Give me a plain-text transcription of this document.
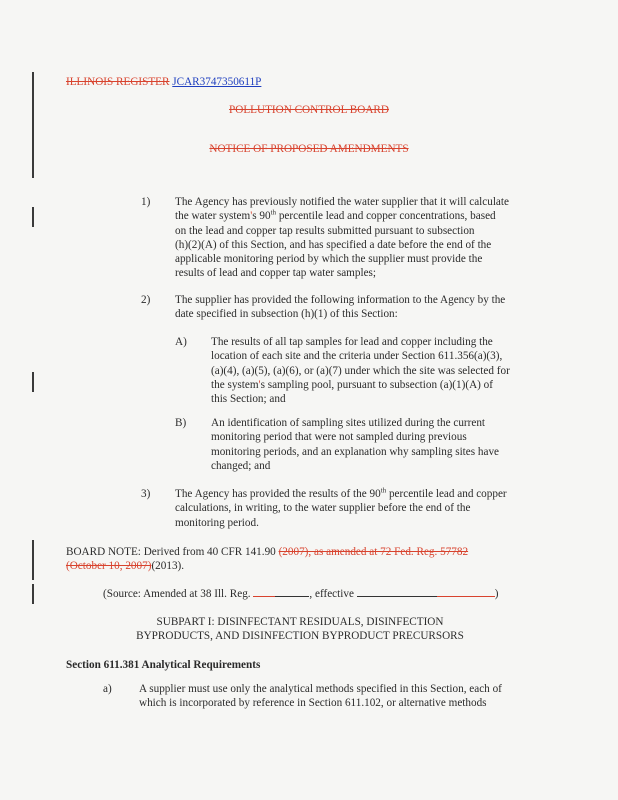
ILLINOIS REGISTER JCAR3747350611P
POLLUTION CONTROL BOARD
NOTICE OF PROPOSED AMENDMENTS
1) The Agency has previously notified the water supplier that it will calculate
the water system's 90th percentile lead and copper concentrations, based
on the lead and copper tap results submitted pursuant to subsection
(h)(2)(A) of this Section, and has specified a date before the end of the
applicable monitoring period by which the supplier must provide the
results of lead and copper tap water samples;
2) The supplier has provided the following information to the Agency by the
date specified in subsection (h)(1) of this Section:
A) The results of all tap samples for lead and copper including the
location of each site and the criteria under Section 611.356(a)(3),
(a)(4), (a)(5), (a)(6), or (a)(7) under which the site was selected for
the system's sampling pool, pursuant to subsection (a)(1)(A) of
this Section; and
B) An identification of sampling sites utilized during the current
monitoring period that were not sampled during previous
monitoring periods, and an explanation why sampling sites have
changed; and
3) The Agency has provided the results of the 90th percentile lead and copper
calculations, in writing, to the water supplier before the end of the
monitoring period.
BOARD NOTE: Derived from 40 CFR 141.90 (2007), as amended at 72 Fed. Reg. 57782
(October 10, 2007)(2013).
(Source: Amended at 38 Ill. Reg.	, effective	)
SUBPART I: DISINFECTANT RESIDUALS, DISINFECTION
BYPRODUCTS, AND DISINFECTION BYPRODUCT PRECURSORS
Section 611.381 Analytical Requirements
a) A supplier must use only the analytical methods specified in this Section, each of
which is incorporated by reference in Section 611.102, or alternative methods
